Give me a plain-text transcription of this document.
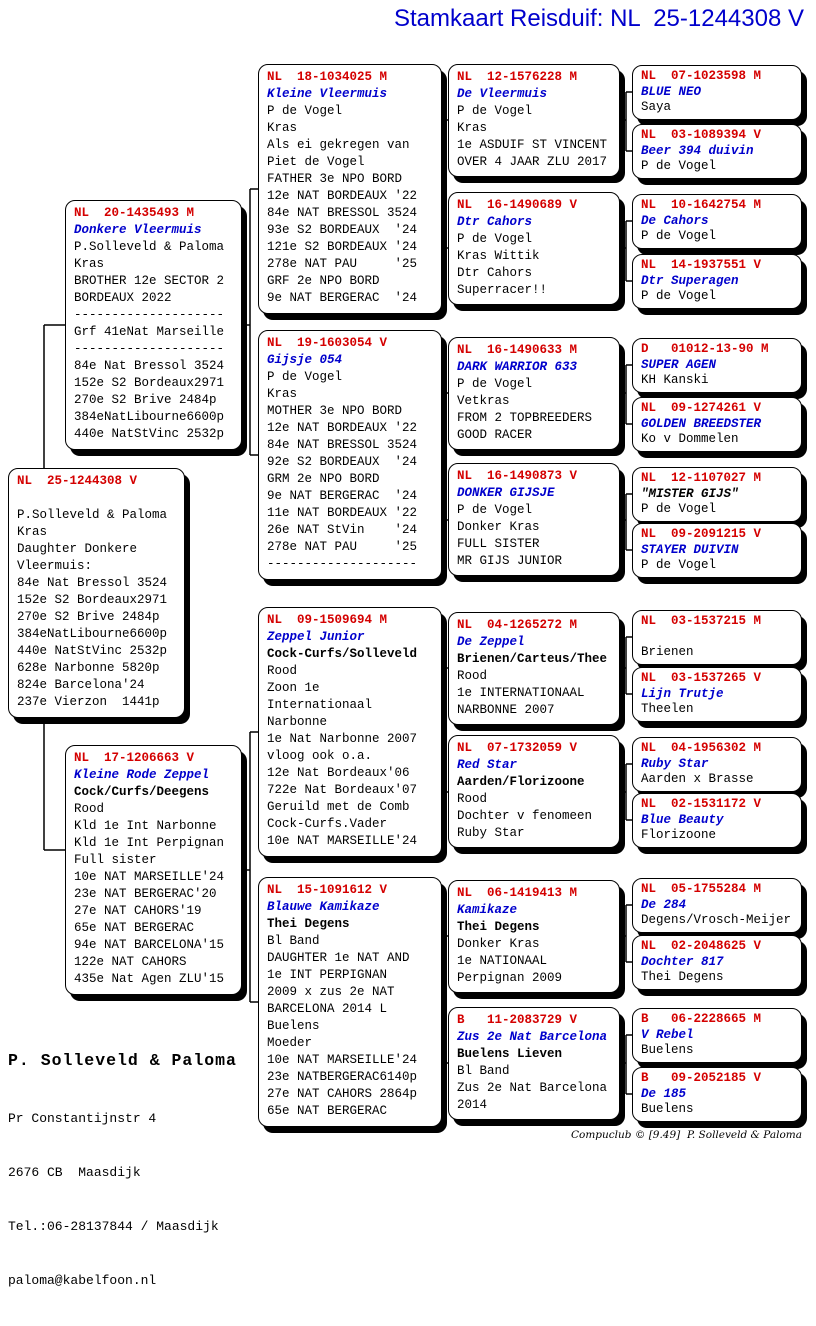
Stamkaart Reisduif: NL  25-1244308 V
NL  25-1244308 V
P.Solleveld & Paloma
Kras
Daughter Donkere
Vleermuis:
84e Nat Bressol 3524
152e S2 Bordeaux2971
270e S2 Brive 2484p
384eNatLibourne6600p
440e NatStVinc 2532p
628e Narbonne 5820p
824e Barcelona'24
237e Vierzon  1441p
NL  20-1435493 M
Donkere Vleermuis
P.Solleveld & Paloma
Kras
BROTHER 12e SECTOR 2
BORDEAUX 2022
--------------------
Grf 41eNat Marseille
--------------------
84e Nat Bressol 3524
152e S2 Bordeaux2971
270e S2 Brive 2484p
384eNatLibourne6600p
440e NatStVinc 2532p
NL  17-1206663 V
Kleine Rode Zeppel
Cock/Curfs/Deegens
Rood
Kld 1e Int Narbonne
Kld 1e Int Perpignan
Full sister
10e NAT MARSEILLE'24
23e NAT BERGERAC'20
27e NAT CAHORS'19
65e NAT BERGERAC
94e NAT BARCELONA'15
122e NAT CAHORS
435e Nat Agen ZLU'15
NL  18-1034025 M
Kleine Vleermuis
P de Vogel
Kras
Als ei gekregen van
Piet de Vogel
FATHER 3e NPO BORD
12e NAT BORDEAUX '22
84e NAT BRESSOL 3524
93e S2 BORDEAUX  '24
121e S2 BORDEAUX '24
278e NAT PAU     '25
GRF 2e NPO BORD
9e NAT BERGERAC  '24
NL  19-1603054 V
Gijsje 054
P de Vogel
Kras
MOTHER 3e NPO BORD
12e NAT BORDEAUX '22
84e NAT BRESSOL 3524
92e S2 BORDEAUX  '24
GRM 2e NPO BORD
9e NAT BERGERAC  '24
11e NAT BORDEAUX '22
26e NAT StVin    '24
278e NAT PAU     '25
--------------------
NL  09-1509694 M
Zeppel Junior
Cock-Curfs/Solleveld
Rood
Zoon 1e
Internationaal
Narbonne
1e Nat Narbonne 2007
vloog ook o.a.
12e Nat Bordeaux'06
722e Nat Bordeaux'07
Geruild met de Comb
Cock-Curfs.Vader
10e NAT MARSEILLE'24
NL  15-1091612 V
Blauwe Kamikaze
Thei Degens
Bl Band
DAUGHTER 1e NAT AND
1e INT PERPIGNAN
2009 x zus 2e NAT
BARCELONA 2014 L
Buelens
Moeder
10e NAT MARSEILLE'24
23e NATBERGERAC6140p
27e NAT CAHORS 2864p
65e NAT BERGERAC
NL  12-1576228 M
De Vleermuis
P de Vogel
Kras
1e ASDUIF ST VINCENT
OVER 4 JAAR ZLU 2017
NL  16-1490689 V
Dtr Cahors
P de Vogel
Kras Wittik
Dtr Cahors
Superracer!!
NL  16-1490633 M
DARK WARRIOR 633
P de Vogel
Vetkras
FROM 2 TOPBREEDERS
GOOD RACER
NL  16-1490873 V
DONKER GIJSJE
P de Vogel
Donker Kras
FULL SISTER
MR GIJS JUNIOR
NL  04-1265272 M
De Zeppel
Brienen/Carteus/Thee
Rood
1e INTERNATIONAAL
NARBONNE 2007
NL  07-1732059 V
Red Star
Aarden/Florizoone
Rood
Dochter v fenomeen
Ruby Star
NL  06-1419413 M
Kamikaze
Thei Degens
Donker Kras
1e NATIONAAL
Perpignan 2009
B   11-2083729 V
Zus 2e Nat Barcelona
Buelens Lieven
Bl Band
Zus 2e Nat Barcelona
2014
NL  07-1023598 M
BLUE NEO
Saya
NL  03-1089394 V
Beer 394 duivin
P de Vogel
NL  10-1642754 M
De Cahors
P de Vogel
NL  14-1937551 V
Dtr Superagen
P de Vogel
D   01012-13-90 M
SUPER AGEN
KH Kanski
NL  09-1274261 V
GOLDEN BREEDSTER
Ko v Dommelen
NL  12-1107027 M
"MISTER GIJS"
P de Vogel
NL  09-2091215 V
STAYER DUIVIN
P de Vogel
NL  03-1537215 M
Brienen
NL  03-1537265 V
Lijn Trutje
Theelen
NL  04-1956302 M
Ruby Star
Aarden x Brasse
NL  02-1531172 V
Blue Beauty
Florizoone
NL  05-1755284 M
De 284
Degens/Vrosch-Meijer
NL  02-2048625 V
Dochter 817
Thei Degens
B   06-2228665 M
V Rebel
Buelens
B   09-2052185 V
De 185
Buelens

P. Solleveld & Paloma

Pr Constantijnstr 4

2676 CB  Maasdijk

Tel.:06-28137844 / Maasdijk

paloma@kabelfoon.nl

Compuclub © [9.49]  P. Solleveld & Paloma
